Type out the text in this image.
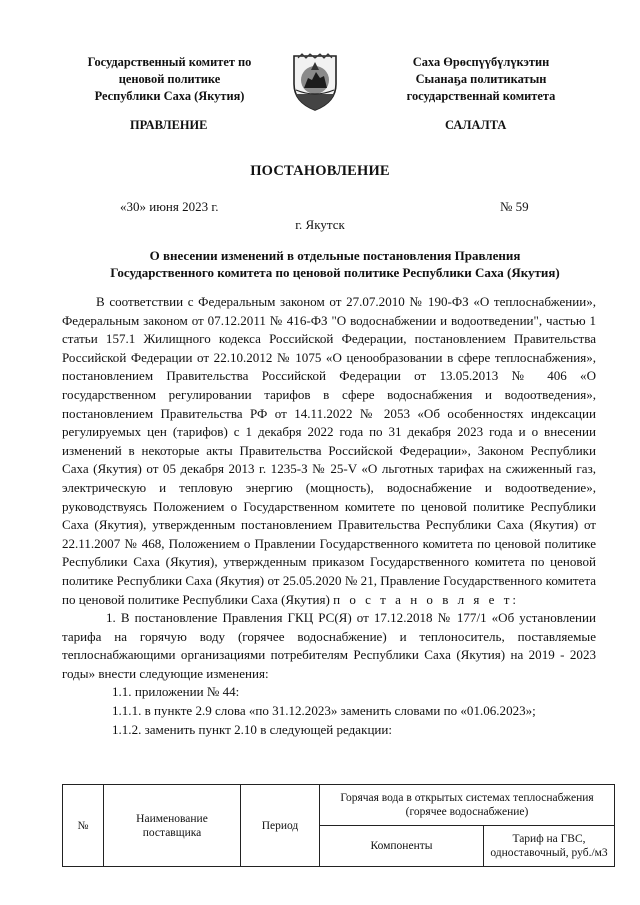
Государственный комитет по
ценовой политике
Республики Саха (Якутия)
Саха Өрөспүүбүлүкэтин
Сыанаҕа политикатын
государственнай комитета
ПРАВЛЕНИЕ	САЛАЛТА
ПОСТАНОВЛЕНИЕ
«30» июня 2023 г.	№ 59
г. Якутск
О внесении изменений в отдельные постановления Правления
Государственного комитета по ценовой политике Республики Саха (Якутия)

В соответствии с Федеральным законом от 27.07.2010 № 190-ФЗ «О теплоснабжении», Федеральным законом от 07.12.2011 № 416-ФЗ "О водоснабжении и водоотведении", частью 1 статьи 157.1 Жилищного кодекса Российской Федерации, постановлением Правительства Российской Федерации от 22.10.2012 № 1075 «О ценообразовании в сфере теплоснабжения», постановлением Правительства Российской Федерации от 13.05.2013 № 406 «О государственном регулировании тарифов в сфере водоснабжения и водоотведения», постановлением Правительства РФ от 14.11.2022 № 2053 «Об особенностях индексации регулируемых цен (тарифов) с 1 декабря 2022 года по 31 декабря 2023 года и о внесении изменений в некоторые акты Правительства Российской Федерации», Законом Республики Саха (Якутия) от 05 декабря 2013 г. 1235-З № 25-V «О льготных тарифах на сжиженный газ, электрическую и тепловую энергию (мощность), водоснабжение и водоотведение», руководствуясь Положением о Государственном комитете по ценовой политике Республики Саха (Якутия), утвержденным постановлением Правительства Республики Саха (Якутия) от 22.11.2007 № 468, Положением о Правлении Государственного комитета по ценовой политике Республики Саха (Якутия), утвержденным приказом Государственного комитета по ценовой политике Республики Саха (Якутия) от 25.05.2020 № 21, Правление Государственного комитета по ценовой политике Республики Саха (Якутия) п о с т а н о в л я е т:

1. В постановление Правления ГКЦ РС(Я) от 17.12.2018 № 177/1 «Об установлении тарифа на горячую воду (горячее водоснабжение) и теплоноситель, поставляемые теплоснабжающими организациями потребителям Республики Саха (Якутия) на 2019 - 2023 годы» внести следующие изменения:

1.1. приложении № 44:

1.1.1. в пункте 2.9 слова «по 31.12.2023» заменить словами по «01.06.2023»;

1.1.2. заменить пункт 2.10 в следующей редакции:

№	Наименование поставщика	Период	Горячая вода в открытых системах теплоснабжения (горячее водоснабжение)	
			Компоненты	Тариф на ГВС, одноставочный, руб./м3
